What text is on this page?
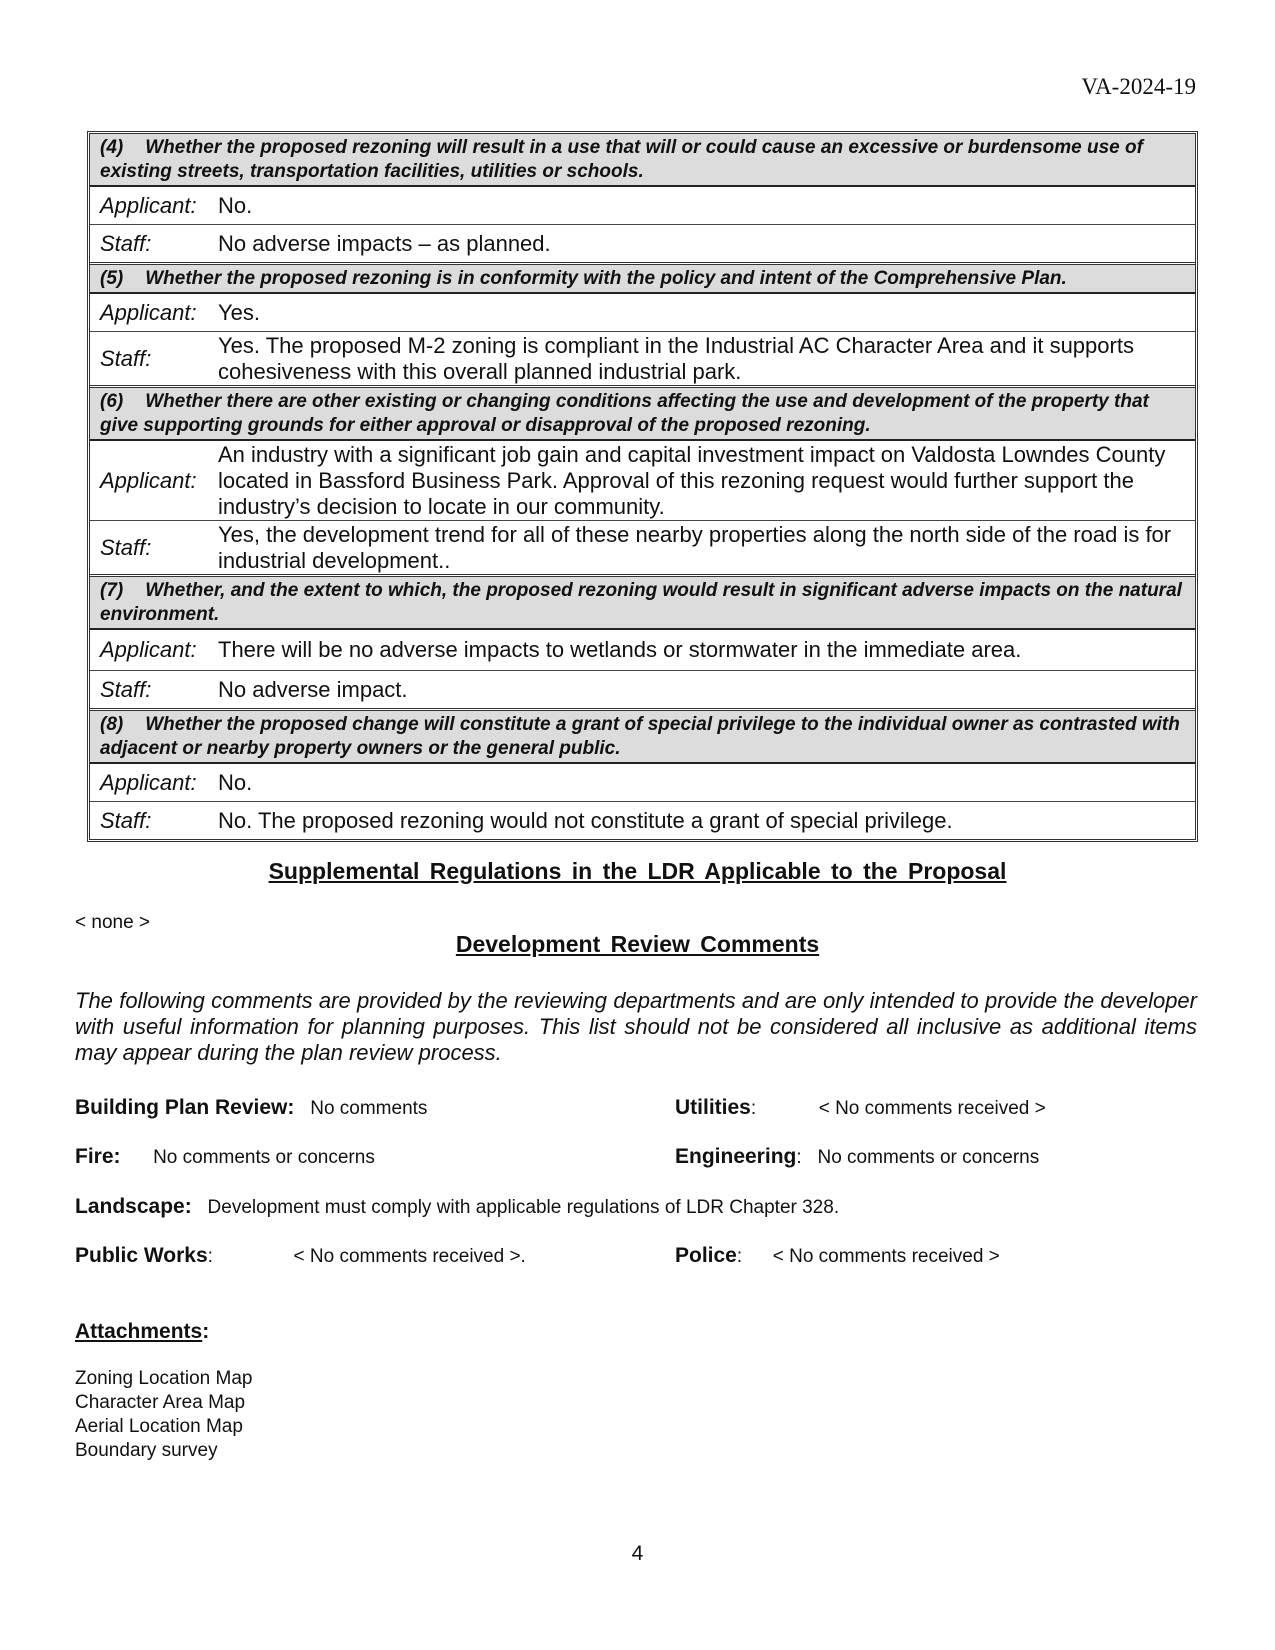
VA-2024-19
(4) Whether the proposed rezoning will result in a use that will or could cause an excessive or burdensome use of existing streets, transportation facilities, utilities or schools.
Applicant: No.
Staff:	No adverse impacts – as planned.
(5) Whether the proposed rezoning is in conformity with the policy and intent of the Comprehensive Plan.
Applicant: Yes.
Staff:	Yes. The proposed M-2 zoning is compliant in the Industrial AC Character Area and it supports cohesiveness with this overall planned industrial park.
(6) Whether there are other existing or changing conditions affecting the use and development of the property that give supporting grounds for either approval or disapproval of the proposed rezoning.
Applicant:
An industry with a significant job gain and capital investment impact on Valdosta Lowndes County located in Bassford Business Park. Approval of this rezoning request would further support the industry’s decision to locate in our community.
Staff:	Yes, the development trend for all of these nearby properties along the north side of the road is for industrial development..
(7) Whether, and the extent to which, the proposed rezoning would result in significant adverse impacts on the natural environment.
Applicant: There will be no adverse impacts to wetlands or stormwater in the immediate area.
Staff:	No adverse impact.
(8) Whether the proposed change will constitute a grant of special privilege to the individual owner as contrasted with adjacent or nearby property owners or the general public.
Applicant: No.
Staff:	No. The proposed rezoning would not constitute a grant of special privilege.
Supplemental Regulations in the LDR Applicable to the Proposal
< none >
Development Review Comments
The following comments are provided by the reviewing departments and are only intended to provide the developer with useful information for planning purposes. This list should not be considered all inclusive as additional items may appear during the plan review process.
Building Plan Review: No comments	Utilities:	< No comments received >
Fire: No comments or concerns	Engineering: No comments or concerns
Landscape: Development must comply with applicable regulations of LDR Chapter 328.
Public Works:	< No comments received >.	Police: < No comments received >
Attachments:
Zoning Location Map
Character Area Map
Aerial Location Map
Boundary survey
4
